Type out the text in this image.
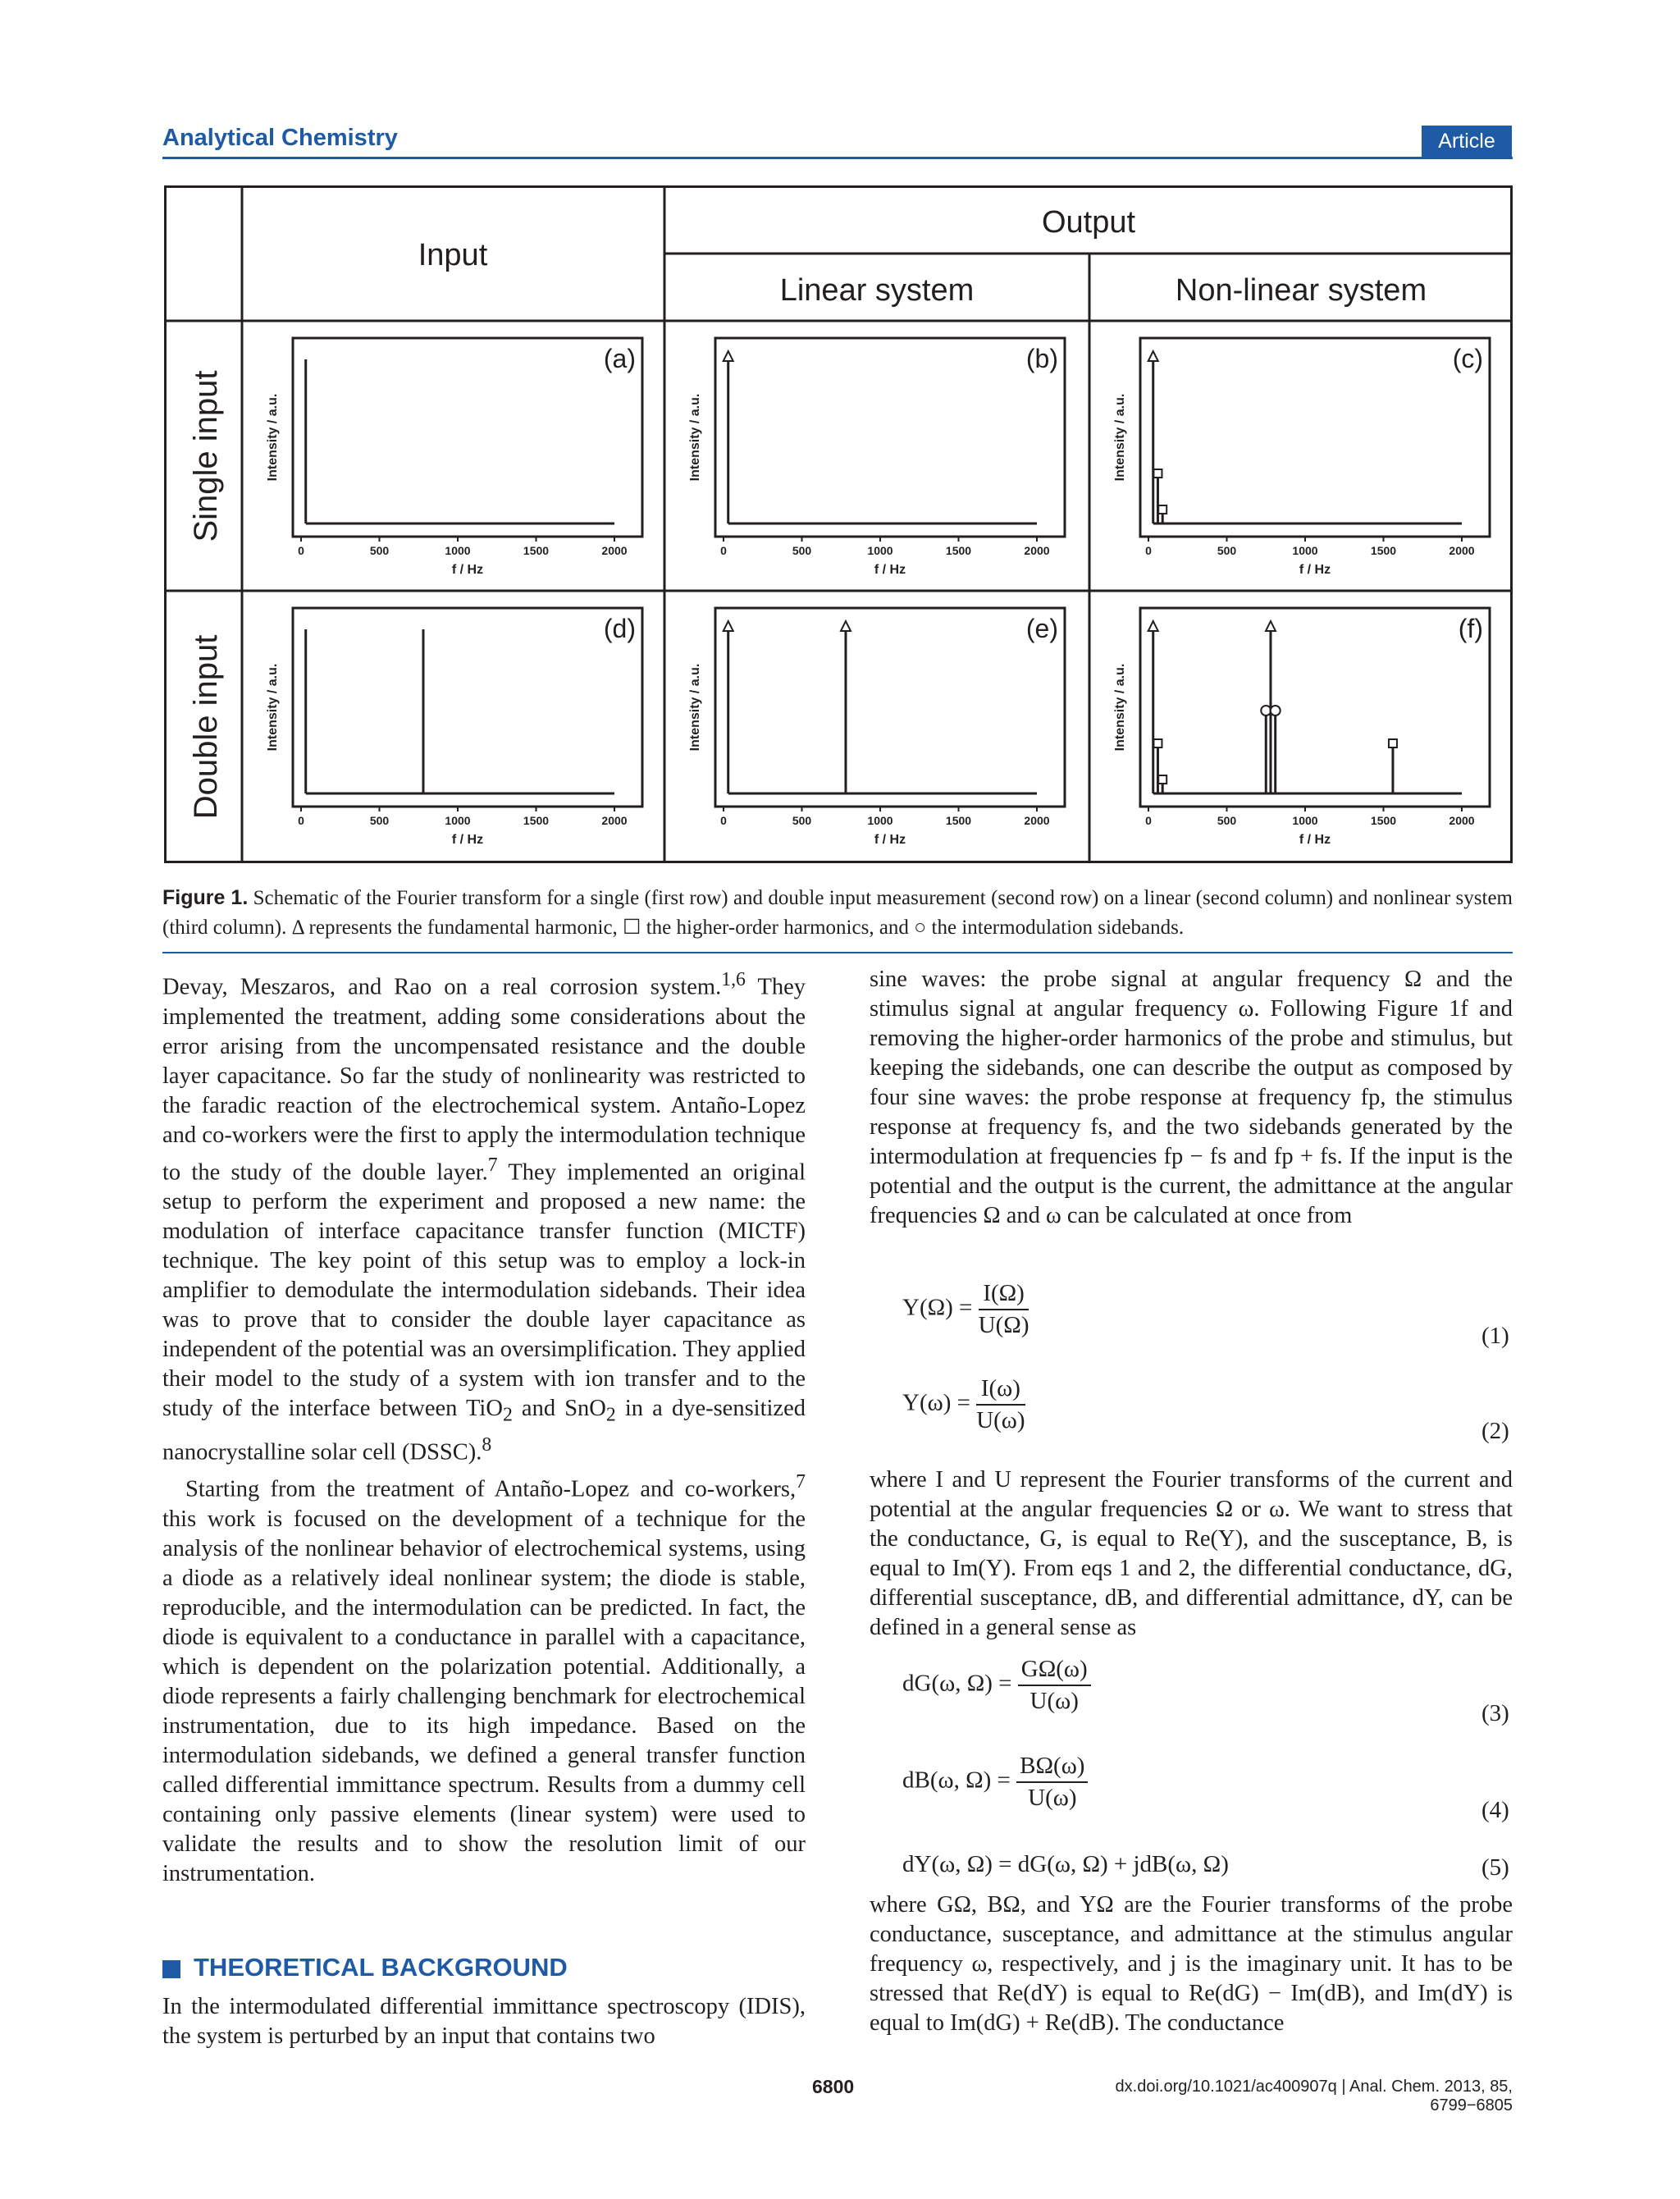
Analytical Chemistry	Article
Input
Output
Linear system	Non-linear system
Single input
Double input
0	500	1000	1500	2000
f / Hz
Intensity / a.u.
(a)
0	500	1000	1500	2000
f / Hz
Intensity / a.u.
(b)
0	500	1000	1500	2000
f / Hz
Intensity / a.u.
(c)
0	500	1000	1500	2000
f / Hz
Intensity / a.u.
(d)
0	500	1000	1500	2000
f / Hz
Intensity / a.u.
(e)
0	500	1000	1500	2000
f / Hz
Intensity / a.u.
(f)
Figure 1. Schematic of the Fourier transform for a single (first row) and double input measurement (second row) on a linear (second column) and nonlinear system (third column). Δ represents the fundamental harmonic, ☐ the higher-order harmonics, and ○ the intermodulation sidebands.

Devay, Meszaros, and Rao on a real corrosion system.$^{1,6}$ They implemented the treatment, adding some considerations about the error arising from the uncompensated resistance and the double layer capacitance. So far the study of nonlinearity was restricted to the faradic reaction of the electrochemical system. Antaño-Lopez and co-workers were the first to apply the intermodulation technique to the study of the double layer.$^7$ They implemented an original setup to perform the experiment and proposed a new name: the modulation of interface capacitance transfer function (MICTF) technique. The key point of this setup was to employ a lock-in amplifier to demodulate the intermodulation sidebands. Their idea was to prove that to consider the double layer capacitance as independent of the potential was an oversimplification. They applied their model to the study of a system with ion transfer and to the study of the interface between TiO$_2$ and SnO$_2$ in a dye-sensitized nanocrystalline solar cell (DSSC).$^8$

Starting from the treatment of Antaño-Lopez and co-workers,$^7$ this work is focused on the development of a technique for the analysis of the nonlinear behavior of electrochemical systems, using a diode as a relatively ideal nonlinear system; the diode is stable, reproducible, and the intermodulation can be predicted. In fact, the diode is equivalent to a conductance in parallel with a capacitance, which is dependent on the polarization potential. Additionally, a diode represents a fairly challenging benchmark for electrochemical instrumentation, due to its high impedance. Based on the intermodulation sidebands, we defined a general transfer function called differential immittance spectrum. Results from a dummy cell containing only passive elements (linear system) were used to validate the results and to show the resolution limit of our instrumentation.

THEORETICAL BACKGROUND

In the intermodulated differential immittance spectroscopy (IDIS), the system is perturbed by an input that contains two

sine waves: the probe signal at angular frequency Ω and the stimulus signal at angular frequency ω. Following Figure 1f and removing the higher-order harmonics of the probe and stimulus, but keeping the sidebands, one can describe the output as composed by four sine waves: the probe response at frequency fp, the stimulus response at frequency fs, and the two sidebands generated by the intermodulation at frequencies fp − fs and fp + fs. If the input is the potential and the output is the current, the admittance at the angular frequencies Ω and ω can be calculated at once from

$Y(\Omega) = \frac{I(\Omega)}{U(\Omega)}$	(1)
$Y(\omega) = \frac{I(\omega)}{U(\omega)}$	(2)

where I and U represent the Fourier transforms of the current and potential at the angular frequencies Ω or ω. We want to stress that the conductance, G, is equal to Re(Y), and the susceptance, B, is equal to Im(Y). From eqs 1 and 2, the differential conductance, dG, differential susceptance, dB, and differential admittance, dY, can be defined in a general sense as

dG(ω, $\Omega) = \frac{G\Omega(\omega)}{U(\omega)}$	(3)
dB(ω, $\Omega) = \frac{B\Omega(\omega)}{U(\omega)}$	(4)
dY(ω, Ω) = dG(ω, Ω) + jdB(ω, Ω)	(5)

where GΩ, BΩ, and YΩ are the Fourier transforms of the probe conductance, susceptance, and admittance at the stimulus angular frequency ω, respectively, and j is the imaginary unit. It has to be stressed that Re(dY) is equal to Re(dG) − Im(dB), and Im(dY) is equal to Im(dG) + Re(dB). The conductance

6800	dx.doi.org/10.1021/ac400907q | Anal. Chem. 2013, 85, 6799−6805
